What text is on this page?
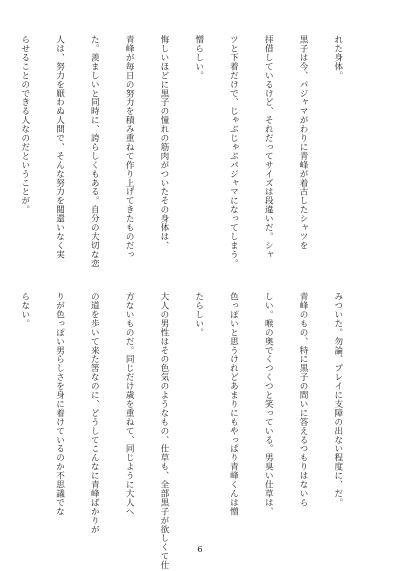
れた身体。

黒子は今、パジャマがわりに青峰が着古したシャツを

拝借しているけど、それだってサイズは段違いだ。シャ

ツと下着だけで、じゃぶじゃぶパジャマになってしまう。

憎らしい。

悔しいほどに黒子の憧れの筋肉がついたその身体は、

青峰が毎日の努力を積み重ねて作り上げてきたものだっ

た。羨ましいと同時に、誇らしくもある。自分の大切な恋

人は、努力を厭わぬ人間で、そんな努力を閲還いなく実

らせることのできる人なのだということが。

みついた。勿論、プレイに支障の出ない程度に、だ。

青峰のもの、特に黒子の間いに答えるつもりはないら

しい。喉の奥でくつくつと笑っている。男臭い仕草は、

色っぽいと思うけれどあまりにもやっぱり青峰くんは憎

たらしい。

大人の男性はその色気のようなもの、仕草も、全部黒子が欲しくて仕

方ないものだ。同じだけ歳を重ねて、同じように大人へ

の道を歩いて来た筈なのに、どうしてこんなに青峰ばかりが

りが色っぽい男らしさを身に着けているのか不思議でな

らない。

6
